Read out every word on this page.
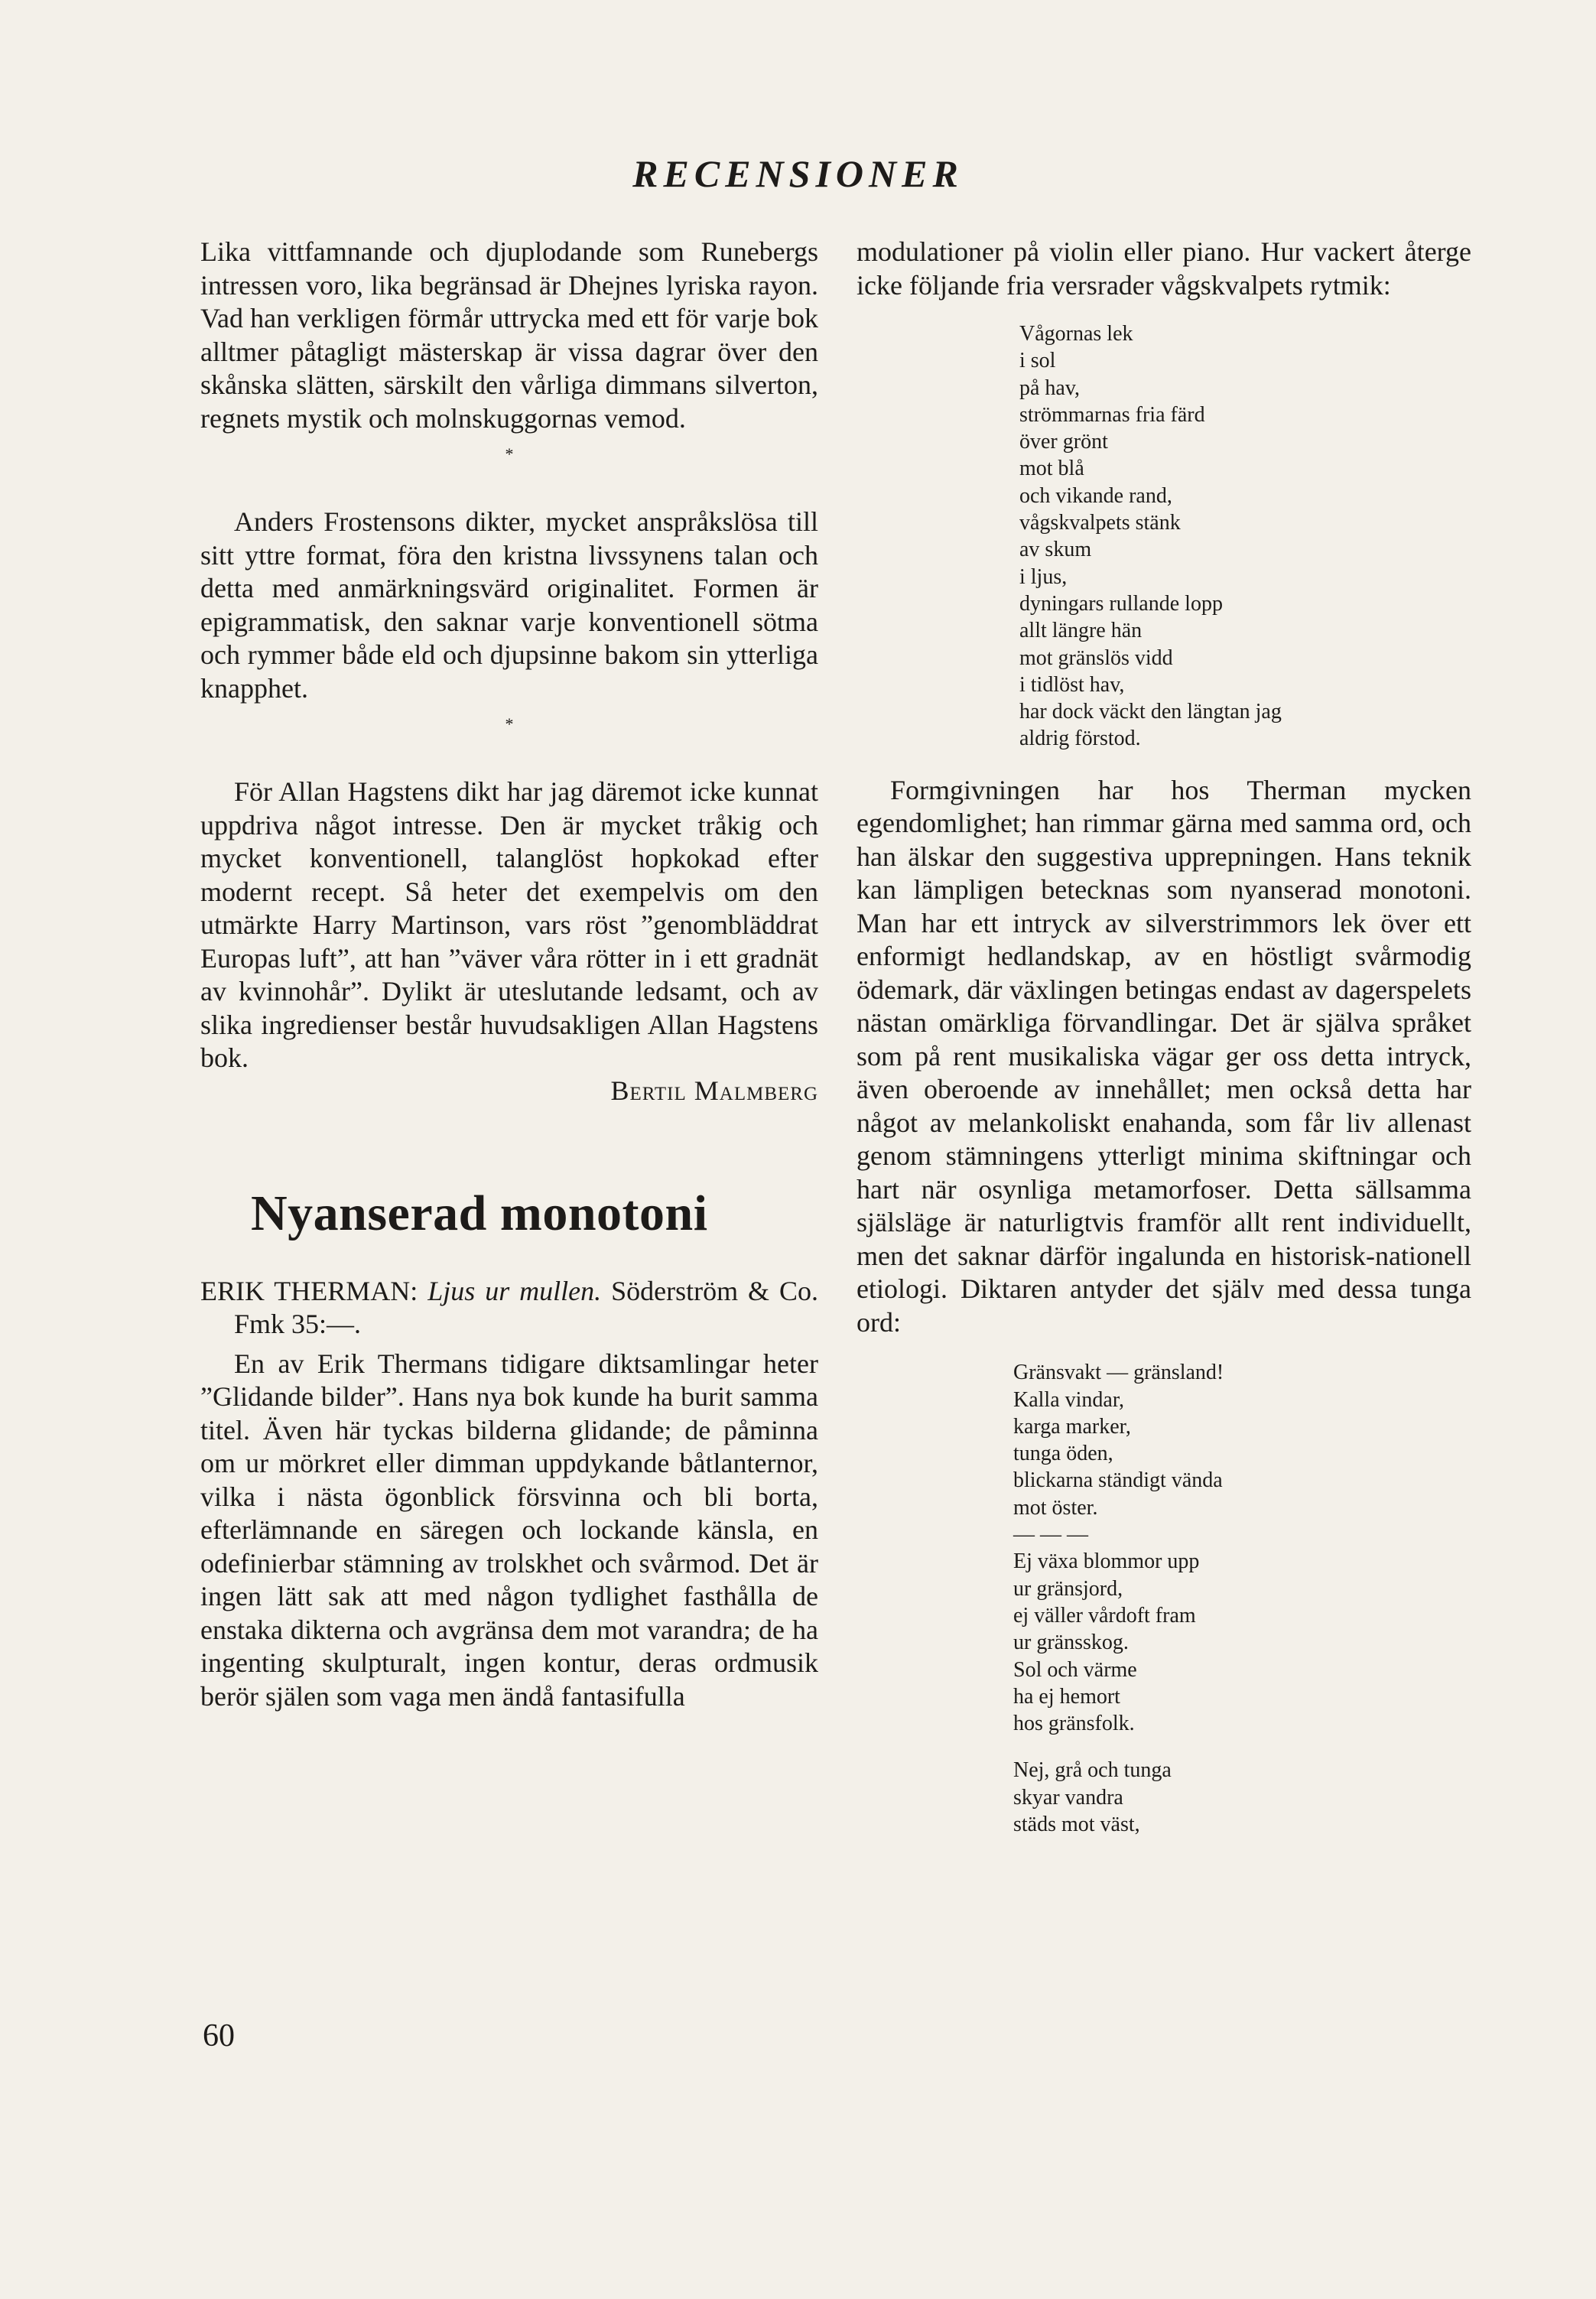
RECENSIONER

Lika vittfamnande och djuplodande som Runebergs intressen voro, lika begränsad är Dhejnes lyriska rayon. Vad han verkligen förmår uttrycka med ett för varje bok alltmer påtagligt mästerskap är vissa dagrar över den skånska slätten, särskilt den vårliga dimmans silverton, regnets mystik och molnskuggornas vemod.

*

Anders Frostensons dikter, mycket anspråkslösa till sitt yttre format, föra den kristna livssynens talan och detta med anmärkningsvärd originalitet. Formen är epigrammatisk, den saknar varje konventionell sötma och rymmer både eld och djupsinne bakom sin ytterliga knapphet.

*

För Allan Hagstens dikt har jag däremot icke kunnat uppdriva något intresse. Den är mycket tråkig och mycket konventionell, talanglöst hopkokad efter modernt recept. Så heter det exempelvis om den utmärkte Harry Martinson, vars röst ”genombläddrat Europas luft”, att han ”väver våra rötter in i ett gradnät av kvinnohår”. Dylikt är uteslutande ledsamt, och av slika ingredienser består huvudsakligen Allan Hagstens bok.

Bertil Malmberg
Nyanserad monotoni

ERIK THERMAN: Ljus ur mullen. Söderström & Co. Fmk 35:—.

En av Erik Thermans tidigare diktsamlingar heter ”Glidande bilder”. Hans nya bok kunde ha burit samma titel. Även här tyckas bilderna glidande; de påminna om ur mörkret eller dimman uppdykande båtlanternor, vilka i nästa ögonblick försvinna och bli borta, efterlämnande en säregen och lockande känsla, en odefinierbar stämning av trolskhet och svårmod. Det är ingen lätt sak att med någon tydlighet fasthålla de enstaka dikterna och avgränsa dem mot varandra; de ha ingenting skulpturalt, ingen kontur, deras ordmusik berör själen som vaga men ändå fantasifulla

modulationer på violin eller piano. Hur vackert återge icke följande fria versrader vågskvalpets rytmik:

Vågornas lek
i sol
på hav,
strömmarnas fria färd
över grönt
mot blå
och vikande rand,
vågskvalpets stänk
av skum
i ljus,
dyningars rullande lopp
allt längre hän
mot gränslös vidd
i tidlöst hav,
har dock väckt den längtan jag
aldrig förstod.

Formgivningen har hos Therman mycken egendomlighet; han rimmar gärna med samma ord, och han älskar den suggestiva upprepningen. Hans teknik kan lämpligen betecknas som nyanserad monotoni. Man har ett intryck av silverstrimmors lek över ett enformigt hedlandskap, av en höstligt svårmodig ödemark, där växlingen betingas endast av dagerspelets nästan omärkliga förvandlingar. Det är själva språket som på rent musikaliska vägar ger oss detta intryck, även oberoende av innehållet; men också detta har något av melankoliskt enahanda, som får liv allenast genom stämningens ytterligt minima skiftningar och hart när osynliga metamorfoser. Detta sällsamma själsläge är naturligtvis framför allt rent individuellt, men det saknar därför ingalunda en historisk-nationell etiologi. Diktaren antyder det själv med dessa tunga ord:

Gränsvakt — gränsland!
Kalla vindar,
karga marker,
tunga öden,
blickarna ständigt vända
mot öster.
— — —
Ej växa blommor upp
ur gränsjord,
ej väller vårdoft fram
ur gränsskog.
Sol och värme
ha ej hemort
hos gränsfolk.
Nej, grå och tunga
skyar vandra
städs mot väst,
60
